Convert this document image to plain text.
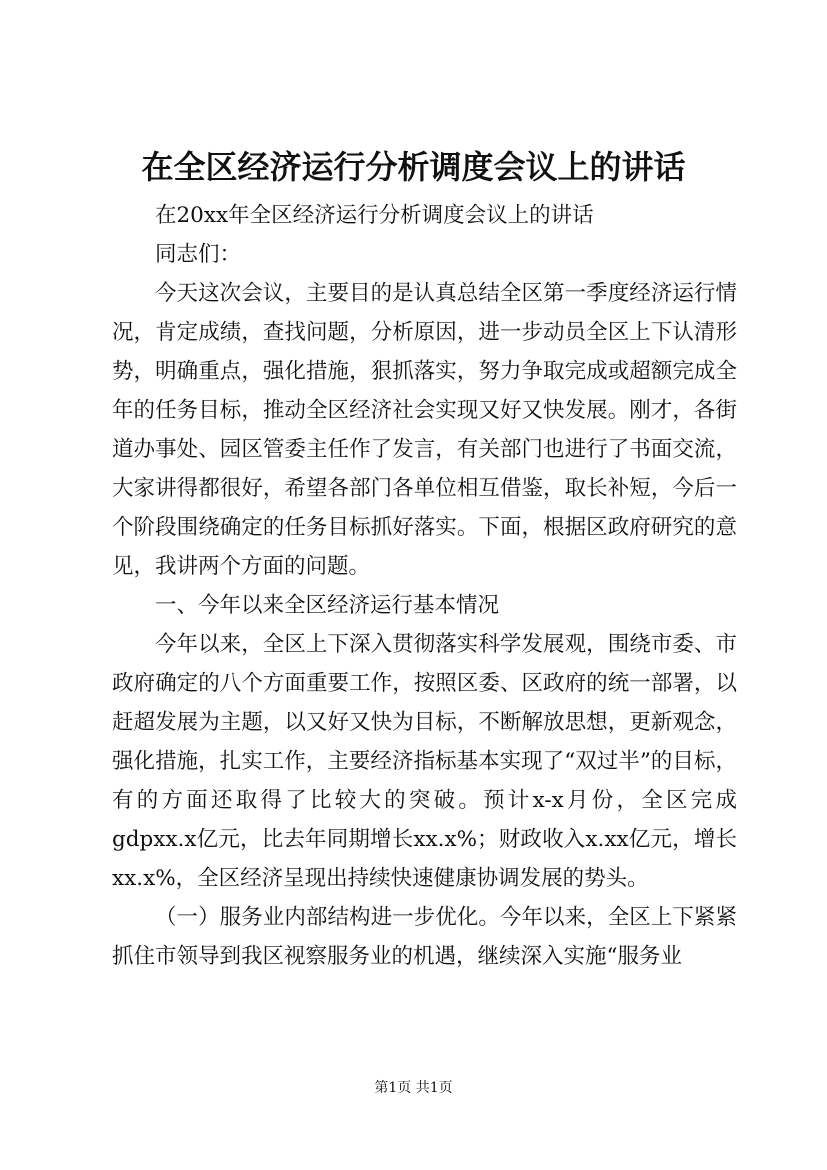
在全区经济运行分析调度会议上的讲话

在20xx年全区经济运行分析调度会议上的讲话

同志们：

今天这次会议，主要目的是认真总结全区第一季度经济运行情况，肯定成绩，查找问题，分析原因，进一步动员全区上下认清形势，明确重点，强化措施，狠抓落实，努力争取完成或超额完成全年的任务目标，推动全区经济社会实现又好又快发展。刚才，各街道办事处、园区管委主任作了发言，有关部门也进行了书面交流，大家讲得都很好，希望各部门各单位相互借鉴，取长补短，今后一个阶段围绕确定的任务目标抓好落实。下面，根据区政府研究的意见，我讲两个方面的问题。

一、今年以来全区经济运行基本情况

今年以来，全区上下深入贯彻落实科学发展观，围绕市委、市政府确定的八个方面重要工作，按照区委、区政府的统一部署，以赶超发展为主题，以又好又快为目标，不断解放思想，更新观念，强化措施，扎实工作，主要经济指标基本实现了“双过半”的目标，有的方面还取得了比较大的突破。预计x-x月份，全区完成gdpxx.x亿元，比去年同期增长xx.x%；财政收入x.xx亿元，增长xx.x%，全区经济呈现出持续快速健康协调发展的势头。

（一）服务业内部结构进一步优化。今年以来，全区上下紧紧抓住市领导到我区视察服务业的机遇，继续深入实施“服务业

第1页 共1页
